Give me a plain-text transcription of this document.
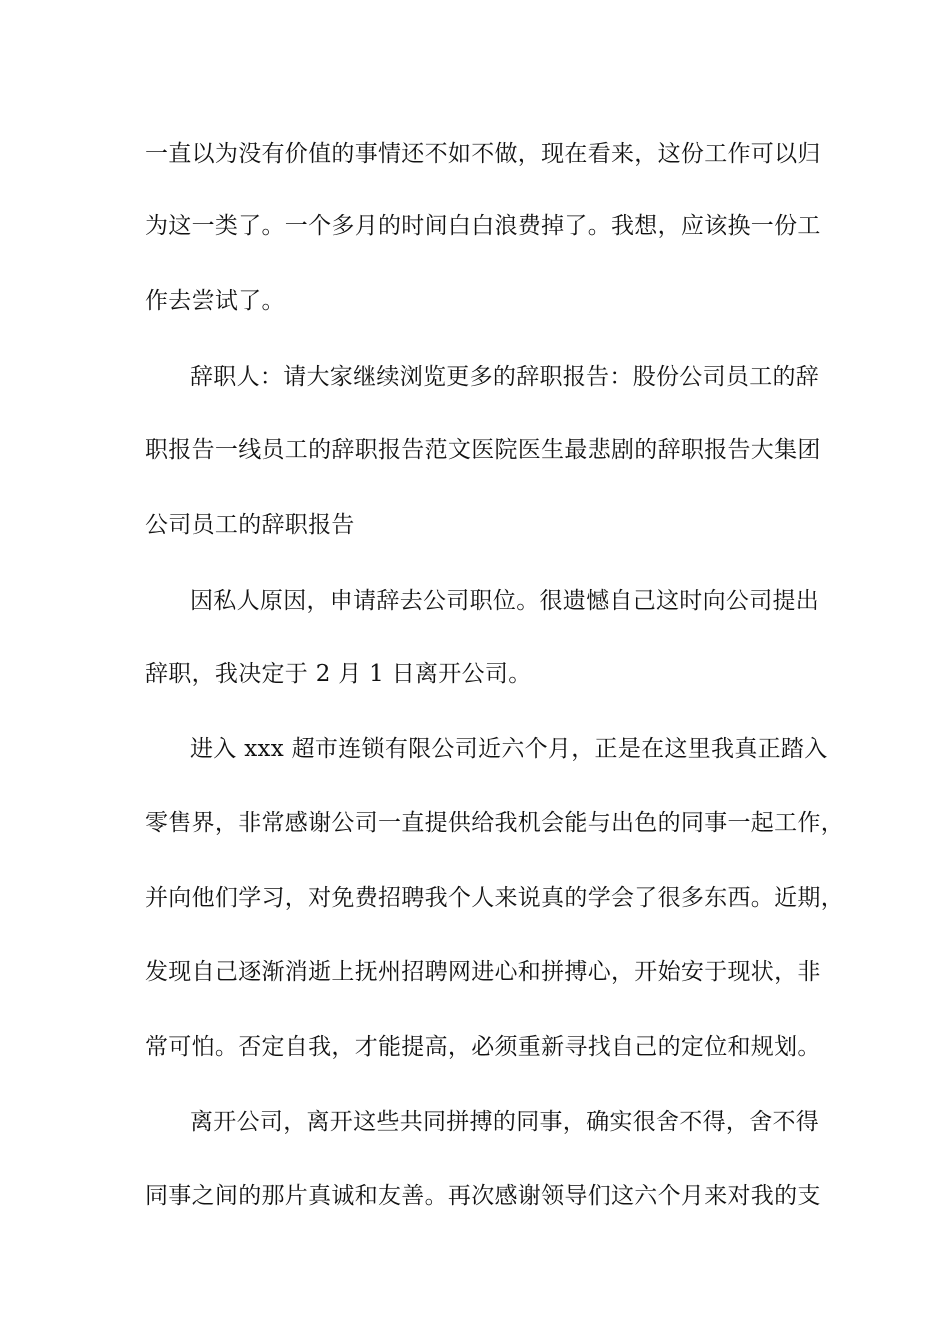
一直以为没有价值的事情还不如不做，现在看来，这份工作可以归
为这一类了。一个多月的时间白白浪费掉了。我想，应该换一份工
作去尝试了。
辞职人：请大家继续浏览更多的辞职报告：股份公司员工的辞
职报告一线员工的辞职报告范文医院医生最悲剧的辞职报告大集团
公司员工的辞职报告
因私人原因，申请辞去公司职位。很遗憾自己这时向公司提出
辞职，我决定于 2 月 1 日离开公司。
进入 xxx 超市连锁有限公司近六个月，正是在这里我真正踏入
零售界，非常感谢公司一直提供给我机会能与出色的同事一起工作，
并向他们学习，对免费招聘我个人来说真的学会了很多东西。近期，
发现自己逐渐消逝上抚州招聘网进心和拼搏心，开始安于现状，非
常可怕。否定自我，才能提高，必须重新寻找自己的定位和规划。
离开公司，离开这些共同拼搏的同事，确实很舍不得，舍不得
同事之间的那片真诚和友善。再次感谢领导们这六个月来对我的支
